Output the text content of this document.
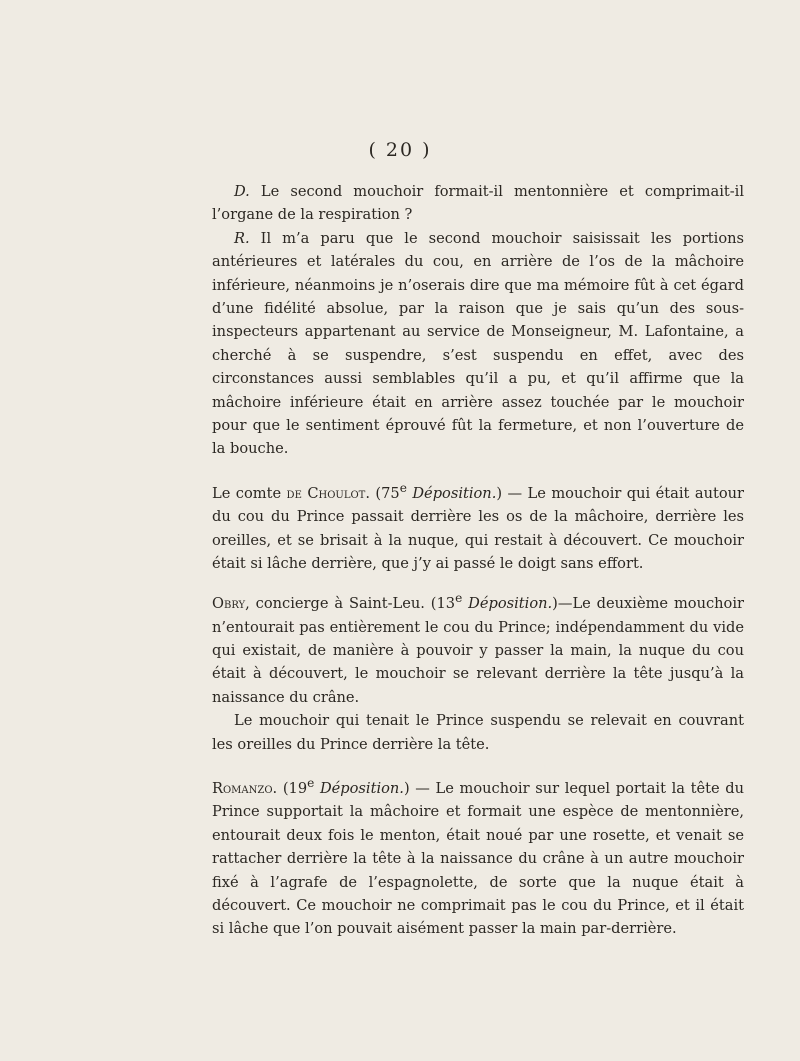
( 20 )

D. Le second mouchoir formait-il mentonnière et comprimait-il l’organe de la respiration ?

R. Il m’a paru que le second mouchoir saisissait les portions antérieures et latérales du cou, en arrière de l’os de la mâchoire inférieure, néanmoins je n’oserais dire que ma mémoire fût à cet égard d’une fidélité absolue, par la raison que je sais qu’un des sous-inspecteurs appartenant au service de Monseigneur, M. Lafontaine, a cherché à se suspendre, s’est suspendu en effet, avec des circonstances aussi semblables qu’il a pu, et qu’il affirme que la mâchoire inférieure était en arrière assez touchée par le mouchoir pour que le sentiment éprouvé fût la fermeture, et non l’ouverture de la bouche.

Le comte de Choulot. (75e Déposition.) — Le mouchoir qui était autour du cou du Prince passait derrière les os de la mâchoire, derrière les oreilles, et se brisait à la nuque, qui restait à découvert. Ce mouchoir était si lâche derrière, que j’y ai passé le doigt sans effort.

Obry, concierge à Saint-Leu. (13e Déposition.)—Le deuxième mouchoir n’entourait pas entièrement le cou du Prince; indépendamment du vide qui existait, de manière à pouvoir y passer la main, la nuque du cou était à découvert, le mouchoir se relevant derrière la tête jusqu’à la naissance du crâne.

Le mouchoir qui tenait le Prince suspendu se relevait en couvrant les oreilles du Prince derrière la tête.

Romanzo. (19e Déposition.) — Le mouchoir sur lequel portait la tête du Prince supportait la mâchoire et formait une espèce de mentonnière, entourait deux fois le menton, était noué par une rosette, et venait se rattacher derrière la tête à la naissance du crâne à un autre mouchoir fixé à l’agrafe de l’espagnolette, de sorte que la nuque était à découvert. Ce mouchoir ne comprimait pas le cou du Prince, et il était si lâche que l’on pouvait aisément passer la main par-derrière.
